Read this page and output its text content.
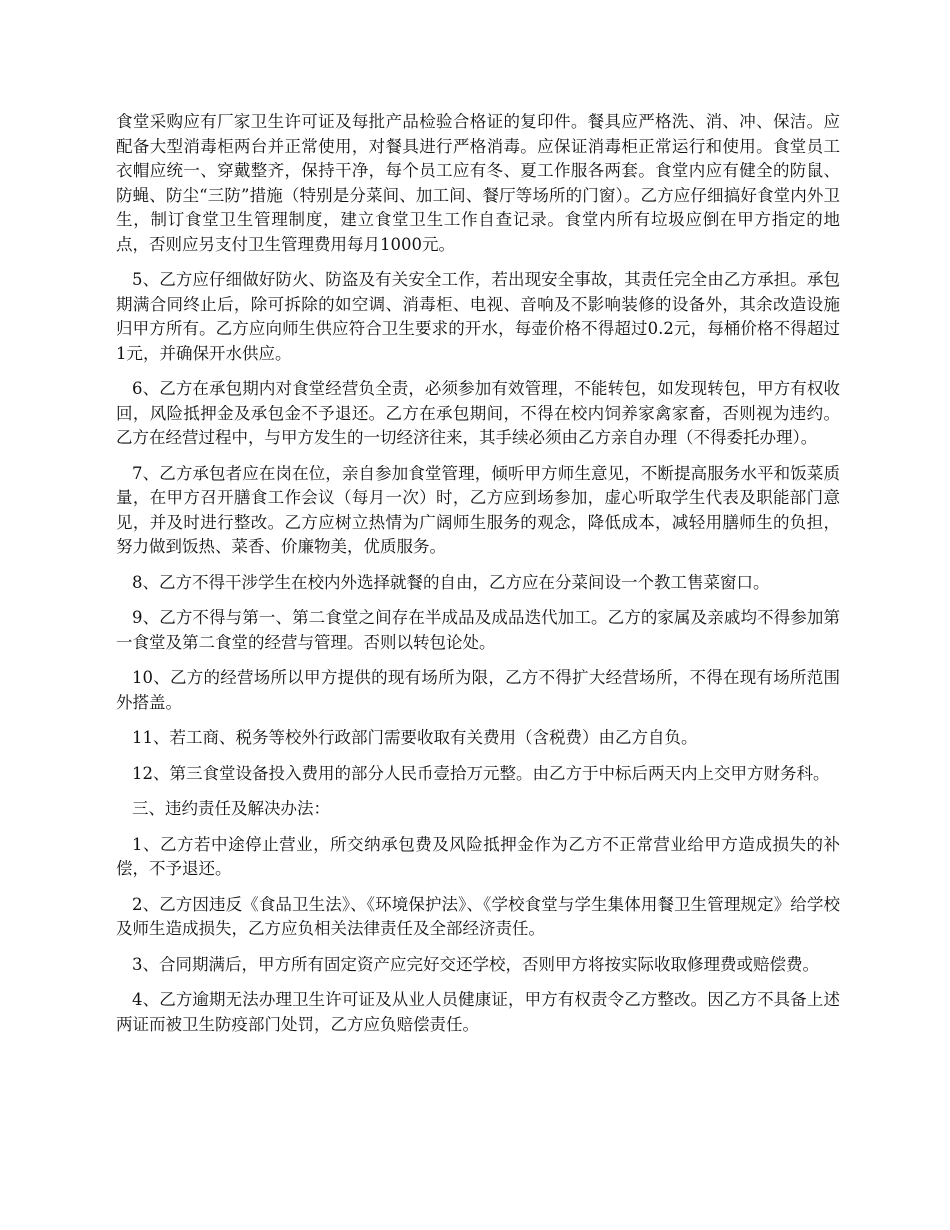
食堂采购应有厂家卫生许可证及每批产品检验合格证的复印件。餐具应严格洗、消、冲、保洁。应配备大型消毒柜两台并正常使用，对餐具进行严格消毒。应保证消毒柜正常运行和使用。食堂员工衣帽应统一、穿戴整齐，保持干净，每个员工应有冬、夏工作服各两套。食堂内应有健全的防鼠、防蝇、防尘“三防”措施（特别是分菜间、加工间、餐厅等场所的门窗）。乙方应仔细搞好食堂内外卫生，制订食堂卫生管理制度，建立食堂卫生工作自查记录。食堂内所有垃圾应倒在甲方指定的地点，否则应另支付卫生管理费用每月1000元。

5、乙方应仔细做好防火、防盗及有关安全工作，若出现安全事故，其责任完全由乙方承担。承包期满合同终止后，除可拆除的如空调、消毒柜、电视、音响及不影响装修的设备外，其余改造设施归甲方所有。乙方应向师生供应符合卫生要求的开水，每壶价格不得超过0.2元，每桶价格不得超过1元，并确保开水供应。

6、乙方在承包期内对食堂经营负全责，必须参加有效管理，不能转包，如发现转包，甲方有权收回，风险抵押金及承包金不予退还。乙方在承包期间，不得在校内饲养家禽家畜，否则视为违约。乙方在经营过程中，与甲方发生的一切经济往来，其手续必须由乙方亲自办理（不得委托办理）。

7、乙方承包者应在岗在位，亲自参加食堂管理，倾听甲方师生意见，不断提高服务水平和饭菜质量，在甲方召开膳食工作会议（每月一次）时，乙方应到场参加，虚心听取学生代表及职能部门意见，并及时进行整改。乙方应树立热情为广阔师生服务的观念，降低成本，减轻用膳师生的负担，努力做到饭热、菜香、价廉物美，优质服务。

8、乙方不得干涉学生在校内外选择就餐的自由，乙方应在分菜间设一个教工售菜窗口。

9、乙方不得与第一、第二食堂之间存在半成品及成品迭代加工。乙方的家属及亲戚均不得参加第一食堂及第二食堂的经营与管理。否则以转包论处。

10、乙方的经营场所以甲方提供的现有场所为限，乙方不得扩大经营场所，不得在现有场所范围外搭盖。

11、若工商、税务等校外行政部门需要收取有关费用（含税费）由乙方自负。

12、第三食堂设备投入费用的部分人民币壹拾万元整。由乙方于中标后两天内上交甲方财务科。

三、违约责任及解决办法：

1、乙方若中途停止营业，所交纳承包费及风险抵押金作为乙方不正常营业给甲方造成损失的补偿，不予退还。

2、乙方因违反《食品卫生法》、《环境保护法》、《学校食堂与学生集体用餐卫生管理规定》给学校及师生造成损失，乙方应负相关法律责任及全部经济责任。

3、合同期满后，甲方所有固定资产应完好交还学校，否则甲方将按实际收取修理费或赔偿费。

4、乙方逾期无法办理卫生许可证及从业人员健康证，甲方有权责令乙方整改。因乙方不具备上述两证而被卫生防疫部门处罚，乙方应负赔偿责任。
